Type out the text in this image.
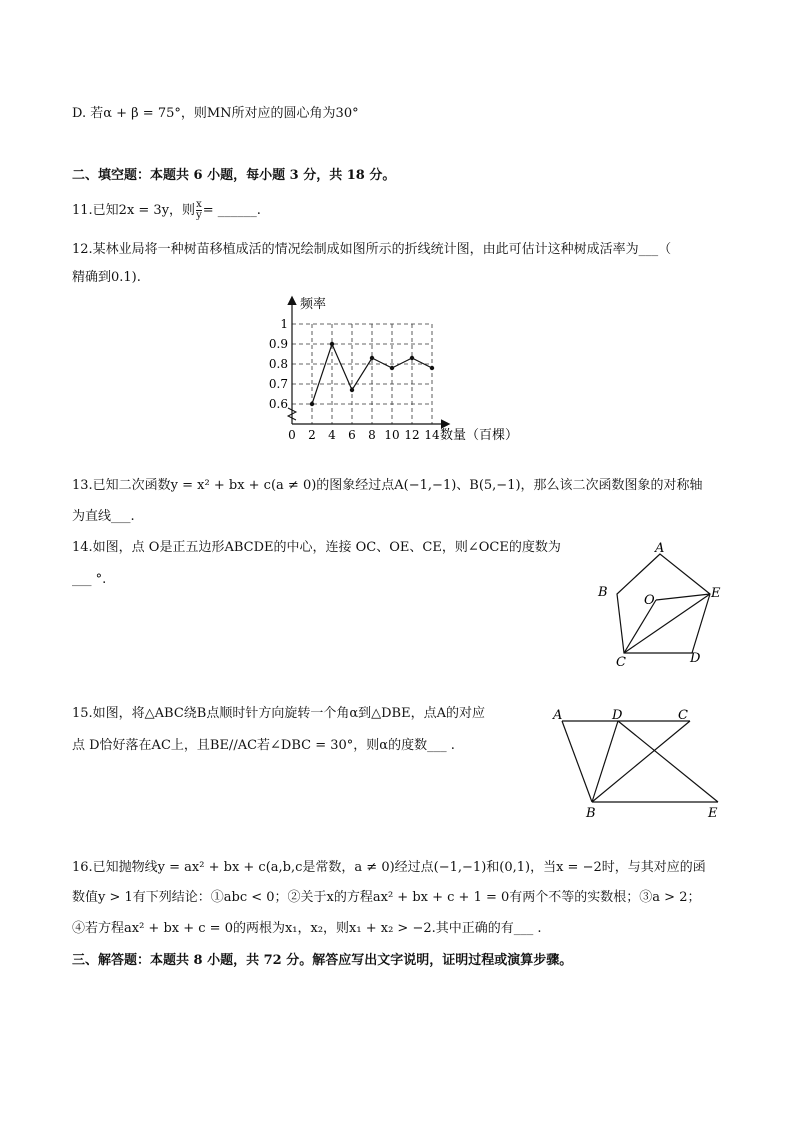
D. 若α + β = 75°，则MN所对应的圆心角为30°
二、填空题：本题共 6 小题，每小题 3 分，共 18 分。
11.已知2x = 3y，则 $\frac{x}{y}$ = ______.
12.某林业局将一种树苗移植成活的情况绘制成如图所示的折线统计图，由此可估计这种树成活率为___（
精确到0.1).
频率
数量（百棵）
0.6
0.7
0.8
0.9
1
0 2 4 6 8 10 12 14
13.已知二次函数y = x² + bx + c(a ≠ 0)的图象经过点A(−1,−1)、B(5,−1)，那么该二次函数图象的对称轴
为直线___.
14.如图，点 O是正五边形ABCDE的中心，连接 OC、OE、CE，则∠OCE的度数为
___ °.
A
B
C	D
E
O
15.如图，将△ABC绕B点顺时针方向旋转一个角α到△DBE，点A的对应
点 D恰好落在AC上，且BE//AC若∠DBC = 30°，则α的度数___ .
A	D	C
B	E
16.已知抛物线y = ax² + bx + c(a,b,c是常数，a ≠ 0)经过点(−1,−1)和(0,1)，当x = −2时，与其对应的函
数值y > 1有下列结论：①abc < 0；②关于x的方程ax² + bx + c + 1 = 0有两个不等的实数根；③a > 2；
④若方程ax² + bx + c = 0的两根为x₁，x₂，则x₁ + x₂ > −2.其中正确的有___ .
三、解答题：本题共 8 小题，共 72 分。解答应写出文字说明，证明过程或演算步骤。
